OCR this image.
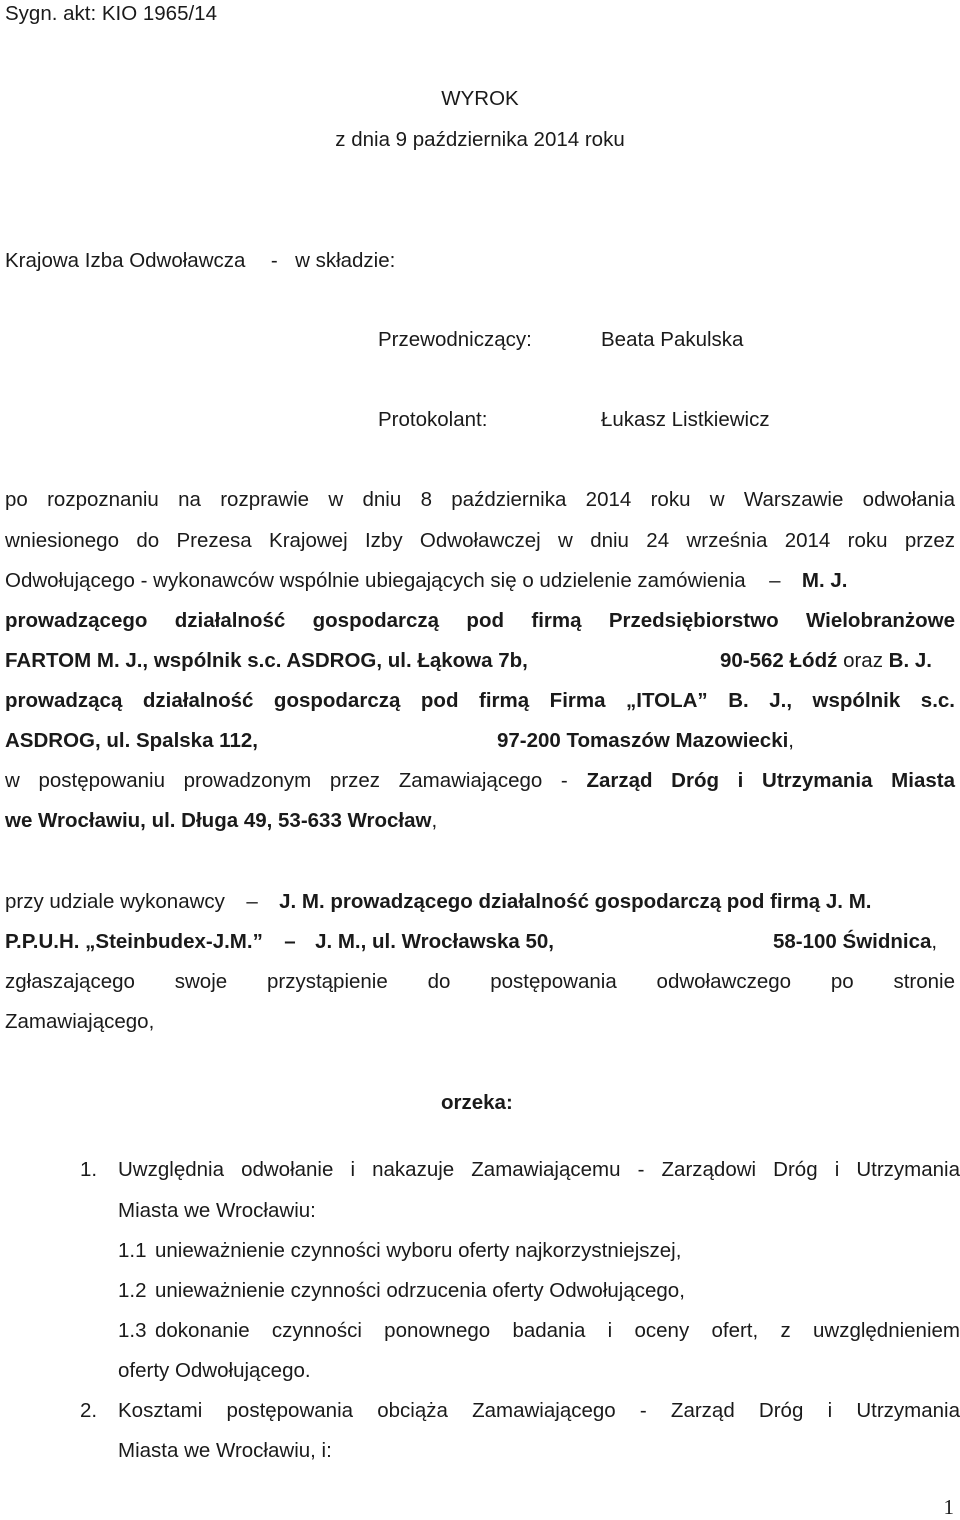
Sygn. akt: KIO 1965/14
WYROK
z dnia 9 października 2014 roku
Krajowa Izba Odwoławcza - w składzie:
Przewodniczący:	Beata Pakulska
Protokolant:	Łukasz Listkiewicz
po rozpoznaniu na rozprawie w dniu 8 października 2014 roku w Warszawie odwołania
wniesionego do Prezesa Krajowej Izby Odwoławczej w dniu 24 września 2014 roku przez
Odwołującego - wykonawców wspólnie ubiegających się o udzielenie zamówienia – M. J.
prowadzącego działalność gospodarczą pod firmą Przedsiębiorstwo Wielobranżowe
FARTOM M. J., wspólnik s.c. ASDROG, ul. Łąkowa 7b,	90-562 Łódź oraz B. J.
prowadzącą działalność gospodarczą pod firmą Firma „ITOLA” B. J., wspólnik s.c.
ASDROG, ul. Spalska 112,	97-200 Tomaszów Mazowiecki,
w postępowaniu prowadzonym przez Zamawiającego - Zarząd Dróg i Utrzymania Miasta
we Wrocławiu, ul. Długa 49, 53-633 Wrocław,
przy udziale wykonawcy – J. M. prowadzącego działalność gospodarczą pod firmą J. M.
P.P.U.H. „Steinbudex-J.M.” – J. M., ul. Wrocławska 50,	58-100 Świdnica,
zgłaszającego swoje przystąpienie do postępowania odwoławczego po stronie
Zamawiającego,
orzeka:
1. Uwzględnia odwołanie i nakazuje Zamawiającemu - Zarządowi Dróg i Utrzymania
Miasta we Wrocławiu:
1.1 unieważnienie czynności wyboru oferty najkorzystniejszej,
1.2 unieważnienie czynności odrzucenia oferty Odwołującego,
1.3 dokonanie czynności ponownego badania i oceny ofert, z uwzględnieniem
oferty Odwołującego.
2. Kosztami postępowania obciąża Zamawiającego - Zarząd Dróg i Utrzymania
Miasta we Wrocławiu, i:
1
